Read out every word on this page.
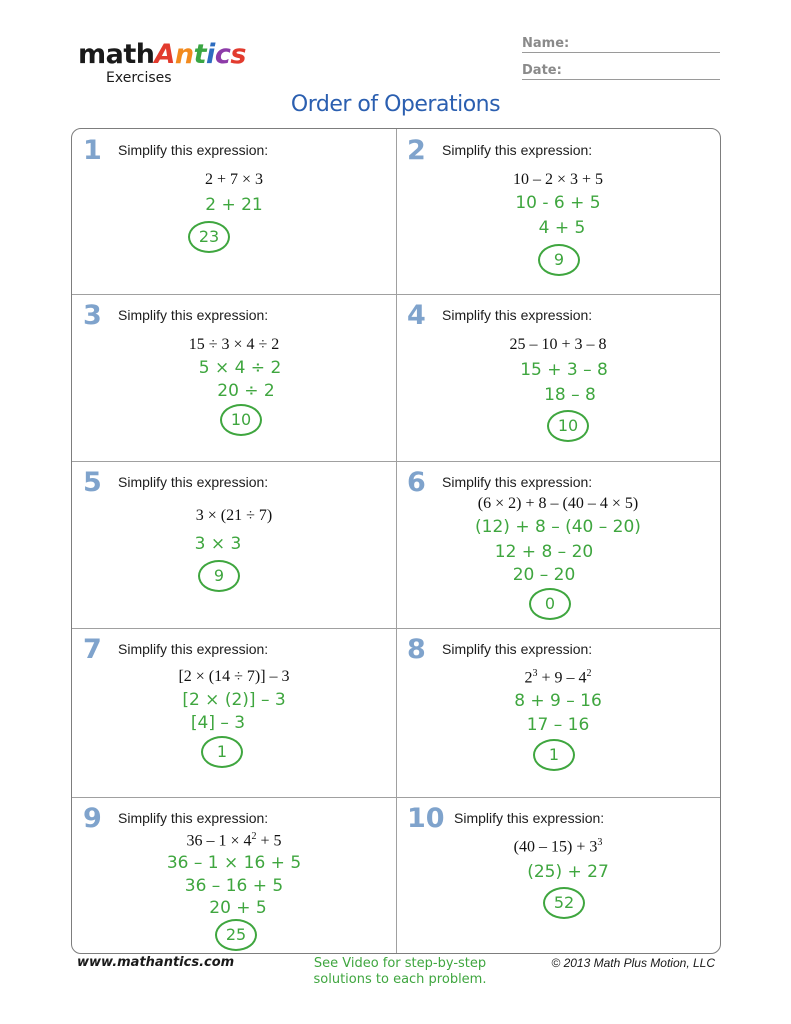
mathAntics
Exercises
Name:
Date:
Order of Operations
1 Simplify this expression:
2 + 7 × 3
2 + 21
23
2 Simplify this expression:
10 – 2 × 3 + 5
10 - 6 + 5
4 + 5
9
3 Simplify this expression:
15 ÷ 3 × 4 ÷ 2
5 × 4 ÷ 2
20 ÷ 2
10
4 Simplify this expression:
25 – 10 + 3 – 8
15 + 3 – 8
18 – 8
10
5 Simplify this expression:
3 × (21 ÷ 7)
3 × 3
9
6 Simplify this expression:
(6 × 2) + 8 – (40 – 4 × 5)
(12) + 8 – (40 – 20)
12 + 8 – 20
20 – 20
0
7 Simplify this expression:
[2 × (14 ÷ 7)] – 3
[2 × (2)] – 3
[4] – 3
1
8 Simplify this expression:
$2^3 + 9 - 4^2$
8 + 9 – 16
17 – 16
1
9 Simplify this expression:
$36 - 1 \times 4^2 + 5$
36 – 1 × 16 + 5
36 – 16 + 5
20 + 5
25
10 Simplify this expression:
$(40 - 15) + 3^3$
(25) + 27
52
www.mathantics.com	See Video for step-by-step
solutions to each problem.
© 2013 Math Plus Motion, LLC
